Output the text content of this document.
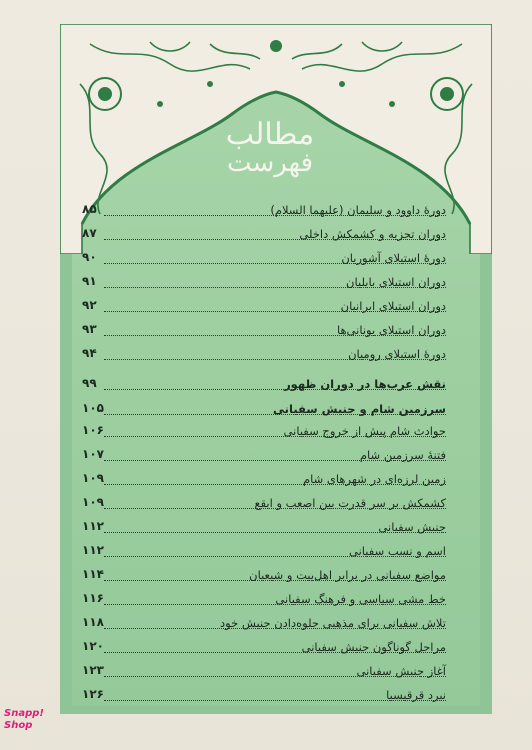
مطالب
فهرست
دورهٔ داوود و سلیمان (علیهما السلام)
۸۵
دوران تجزیه و کشمکش داخلی
۸۷
دورهٔ استیلای آشوریان
۹۰
دوران استیلای بابلیان
۹۱
دوران استیلای ایرانیان
۹۲
دوران استیلای یونانی‌ها
۹۳
دورهٔ استیلای رومیان
۹۴
نقش عرب‌ها در دوران ظهور
۹۹
سرزمین شام و جنبش سفیانی
۱۰۵
حوادث شام پیش از خروج سفیانی
۱۰۶
فتنهٔ سرزمین شام
۱۰۷
زمین لرزه‌ای در شهرهای شام
۱۰۹
کشمکش بر سر قدرت بین اصعب و ابقع
۱۰۹
جنبش سفیانی
۱۱۲
اسم و نسب سفیانی
۱۱۲
مواضع سفیانی در برابر اهل‌بیت و شیعیان
۱۱۴
خط مشی سیاسی و فرهنگ سفیانی
۱۱۶
تلاش سفیانی برای مذهبی جلوه‌دادن جنبش خود
۱۱۸
مراحل گوناگون جنبش سفیانی
۱۲۰
آغاز جنبش سفیانی
۱۲۳
نبرد قرقیسیا
۱۲۶
Snapp!
Shop
